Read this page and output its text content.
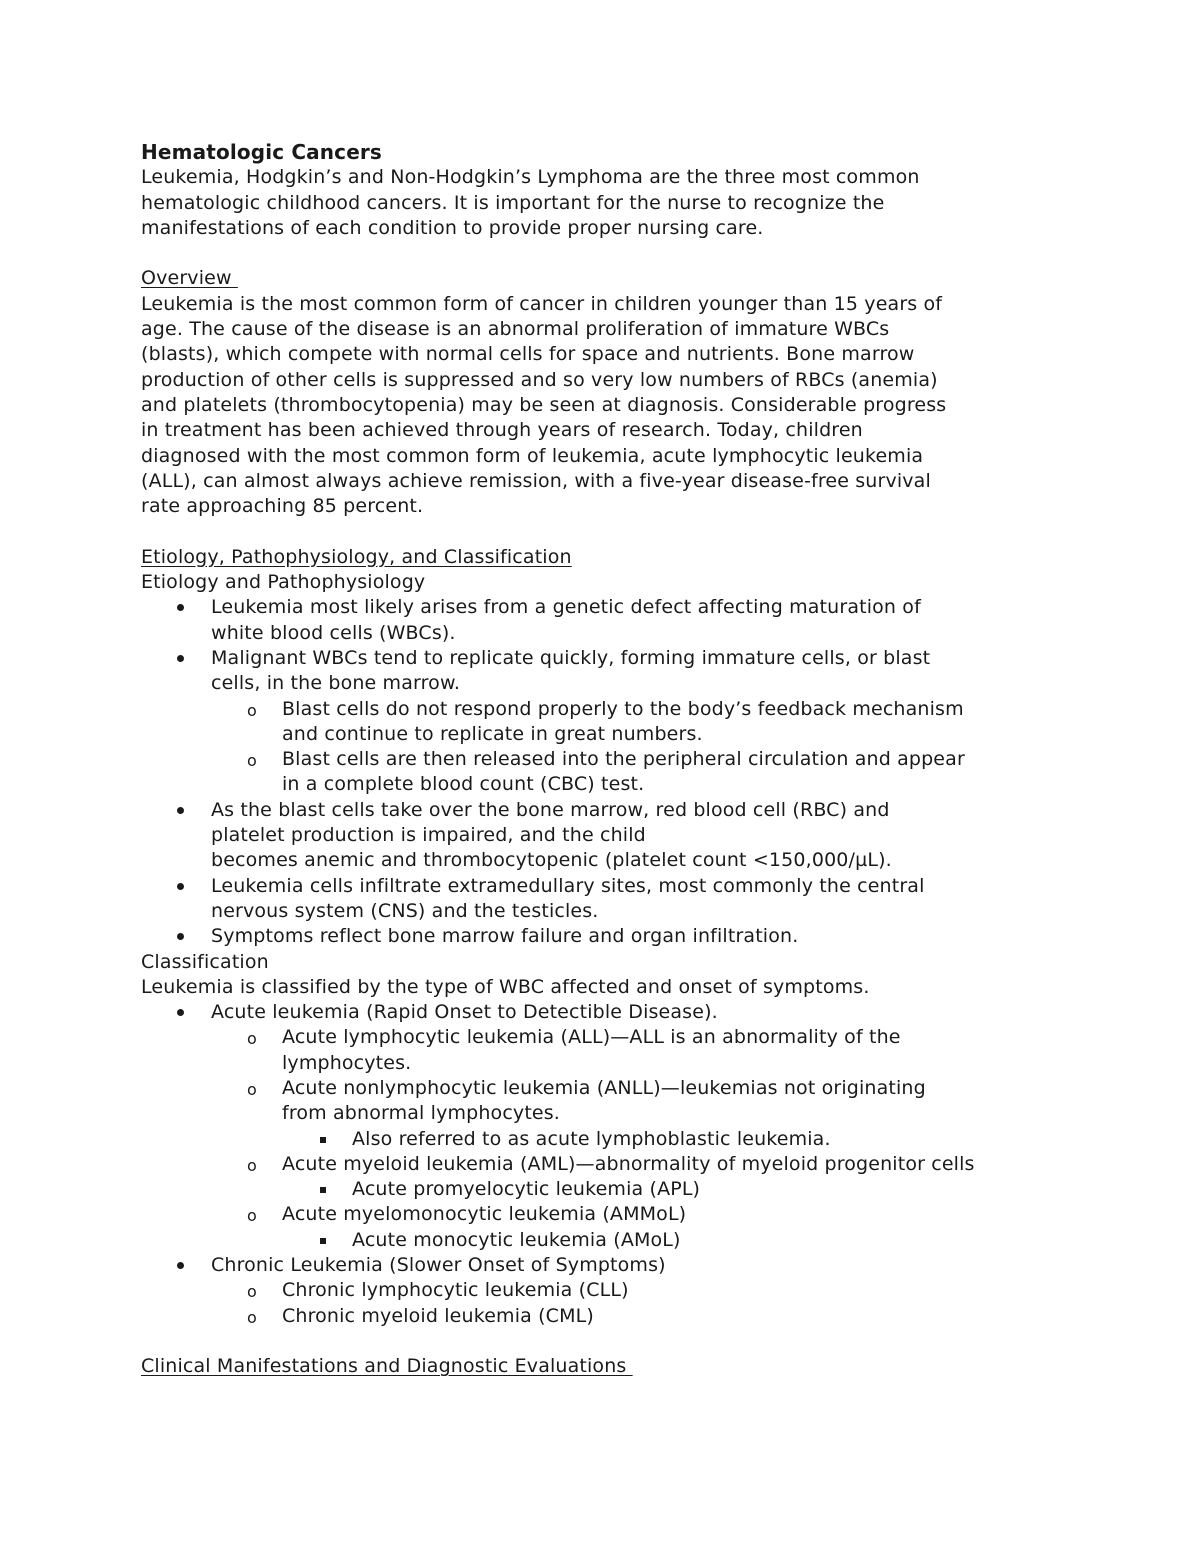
Hematologic Cancers
Leukemia, Hodgkin’s and Non-Hodgkin’s Lymphoma are the three most common
hematologic childhood cancers. It is important for the nurse to recognize the
manifestations of each condition to provide proper nursing care.
Overview
Leukemia is the most common form of cancer in children younger than 15 years of
age. The cause of the disease is an abnormal proliferation of immature WBCs
(blasts), which compete with normal cells for space and nutrients. Bone marrow
production of other cells is suppressed and so very low numbers of RBCs (anemia)
and platelets (thrombocytopenia) may be seen at diagnosis. Considerable progress
in treatment has been achieved through years of research. Today, children
diagnosed with the most common form of leukemia, acute lymphocytic leukemia
(ALL), can almost always achieve remission, with a five-year disease-free survival
rate approaching 85 percent.
Etiology, Pathophysiology, and Classification
Etiology and Pathophysiology
Leukemia most likely arises from a genetic defect affecting maturation of
white blood cells (WBCs).
Malignant WBCs tend to replicate quickly, forming immature cells, or blast
cells, in the bone marrow.
o Blast cells do not respond properly to the body’s feedback mechanism
and continue to replicate in great numbers.
o Blast cells are then released into the peripheral circulation and appear
in a complete blood count (CBC) test.
As the blast cells take over the bone marrow, red blood cell (RBC) and
platelet production is impaired, and the child
becomes anemic and thrombocytopenic (platelet count <150,000/µL).
Leukemia cells infiltrate extramedullary sites, most commonly the central
nervous system (CNS) and the testicles.
Symptoms reflect bone marrow failure and organ infiltration.
Classification
Leukemia is classified by the type of WBC affected and onset of symptoms.
Acute leukemia (Rapid Onset to Detectible Disease).
o Acute lymphocytic leukemia (ALL)—ALL is an abnormality of the
lymphocytes.
o Acute nonlymphocytic leukemia (ANLL)—leukemias not originating
from abnormal lymphocytes.
Also referred to as acute lymphoblastic leukemia.
o Acute myeloid leukemia (AML)—abnormality of myeloid progenitor cells
Acute promyelocytic leukemia (APL)
o Acute myelomonocytic leukemia (AMMoL)
Acute monocytic leukemia (AMoL)
Chronic Leukemia (Slower Onset of Symptoms)
o Chronic lymphocytic leukemia (CLL)
o Chronic myeloid leukemia (CML)
Clinical Manifestations and Diagnostic Evaluations
